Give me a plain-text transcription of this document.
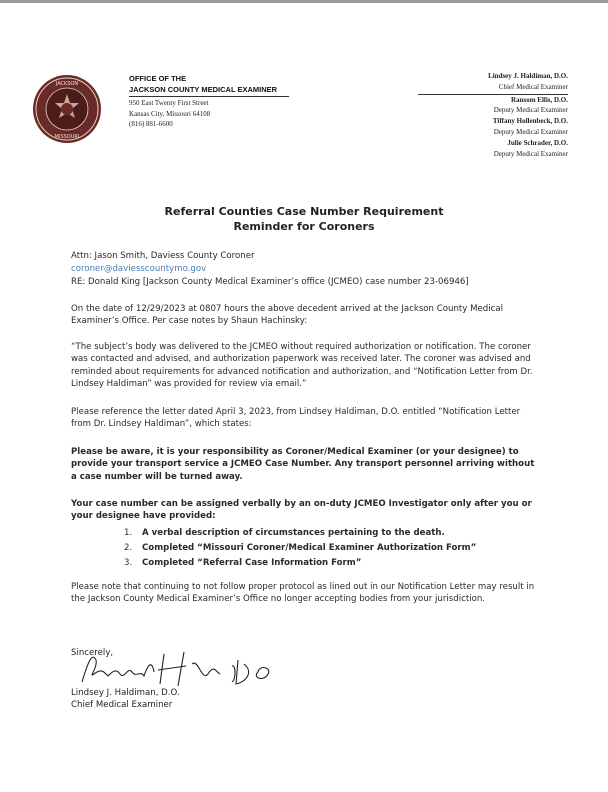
JACKSON
MISSOURI
OFFICE OF THE
JACKSON COUNTY MEDICAL EXAMINER
950 East Twenty First Street
Kansas City, Missouri 64108
(816) 881-6600
Lindsey J. Haldiman, D.O.
Chief Medical Examiner
Ransom Ellis, D.O.
Deputy Medical Examiner
Tiffany Hollenbeck, D.O.
Deputy Medical Examiner
Julie Schrader, D.O.
Deputy Medical Examiner
Referral Counties Case Number Requirement
Reminder for Coroners
Attn: Jason Smith, Daviess County Coroner
coroner@daviesscountymo.gov
RE: Donald King [Jackson County Medical Examiner’s office (JCMEO) case number 23-06946]
On the date of 12/29/2023 at 0807 hours the above decedent arrived at the Jackson County Medical Examiner’s Office. Per case notes by Shaun Hachinsky:
“The subject’s body was delivered to the JCMEO without required authorization or notification. The coroner was contacted and advised, and authorization paperwork was received later. The coroner was advised and reminded about requirements for advanced notification and authorization, and “Notification Letter from Dr. Lindsey Haldiman” was provided for review via email.”
Please reference the letter dated April 3, 2023, from Lindsey Haldiman, D.O. entitled “Notification Letter from Dr. Lindsey Haldiman”, which states:
Please be aware, it is your responsibility as Coroner/Medical Examiner (or your designee) to provide your transport service a JCMEO Case Number. Any transport personnel arriving without a case number will be turned away.
Your case number can be assigned verbally by an on-duty JCMEO Investigator only after you or your designee have provided:
1. A verbal description of circumstances pertaining to the death.
2. Completed “Missouri Coroner/Medical Examiner Authorization Form”
3. Completed “Referral Case Information Form”
Please note that continuing to not follow proper protocol as lined out in our Notification Letter may result in the Jackson County Medical Examiner’s Office no longer accepting bodies from your jurisdiction.
Sincerely,
Lindsey J. Haldiman, D.O.
Chief Medical Examiner
